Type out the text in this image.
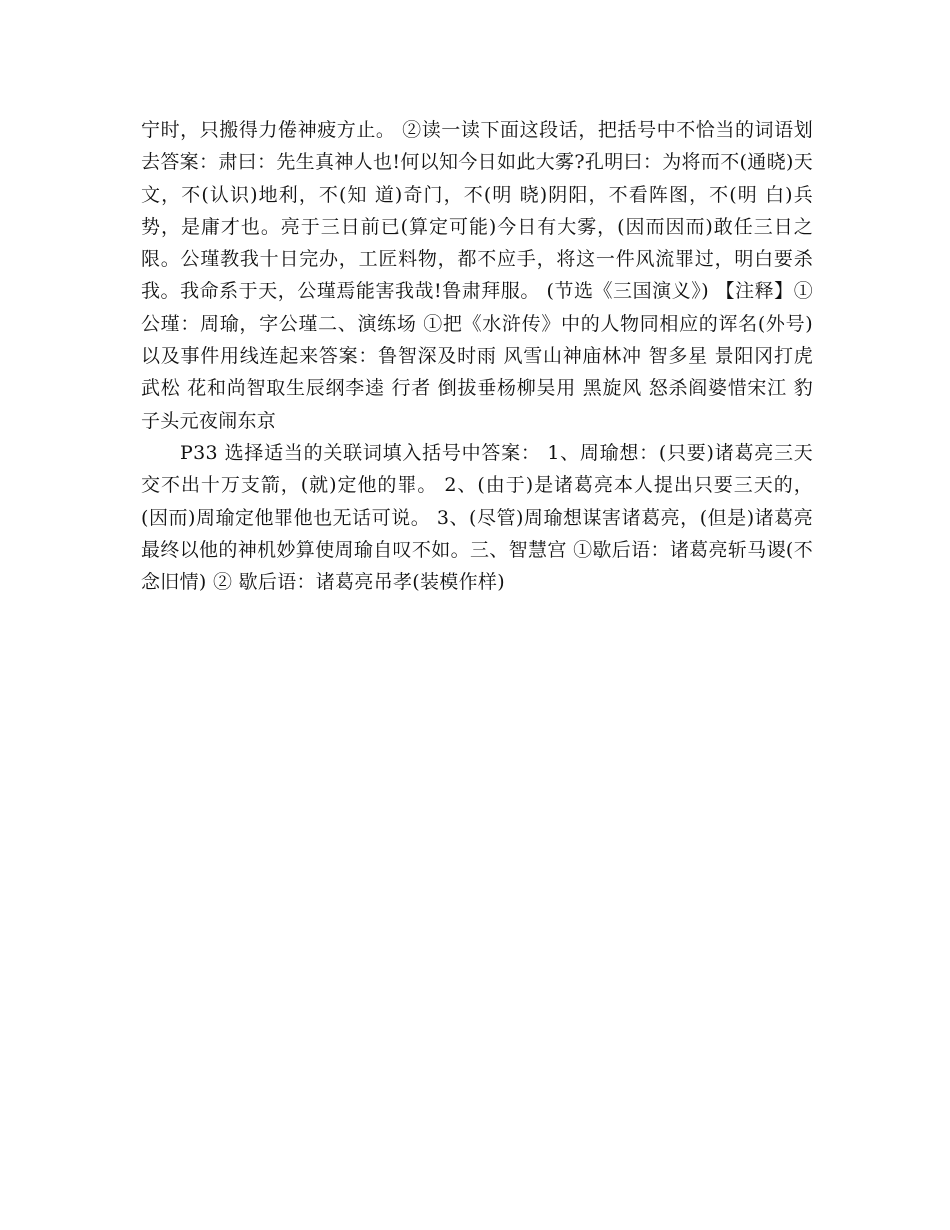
宁时，只搬得力倦神疲方止。 ②读一读下面这段话，把括号中不恰当的词语划去答案：肃曰：先生真神人也!何以知今日如此大雾?孔明曰：为将而不(通晓)天文，不(认识)地利，不(知 道)奇门，不(明 晓)阴阳，不看阵图，不(明 白)兵势，是庸才也。亮于三日前已(算定可能)今日有大雾，(因而因而)敢任三日之限。公瑾教我十日完办，工匠料物，都不应手，将这一件风流罪过，明白要杀我。我命系于天，公瑾焉能害我哉!鲁肃拜服。 (节选《三国演义》) 【注释】①公瑾：周瑜，字公瑾二、演练场 ①把《水浒传》中的人物同相应的诨名(外号)以及事件用线连起来答案：鲁智深及时雨 风雪山神庙林冲 智多星 景阳冈打虎武松 花和尚智取生辰纲李逵 行者 倒拔垂杨柳吴用 黑旋风 怒杀阎婆惜宋江 豹子头元夜闹东京

P33 选择适当的关联词填入括号中答案： 1、周瑜想：(只要)诸葛亮三天交不出十万支箭，(就)定他的罪。 2、(由于)是诸葛亮本人提出只要三天的，(因而)周瑜定他罪他也无话可说。 3、(尽管)周瑜想谋害诸葛亮，(但是)诸葛亮最终以他的神机妙算使周瑜自叹不如。三、智慧宫 ①歇后语：诸葛亮斩马谡(不念旧情) ② 歇后语：诸葛亮吊孝(装模作样)
